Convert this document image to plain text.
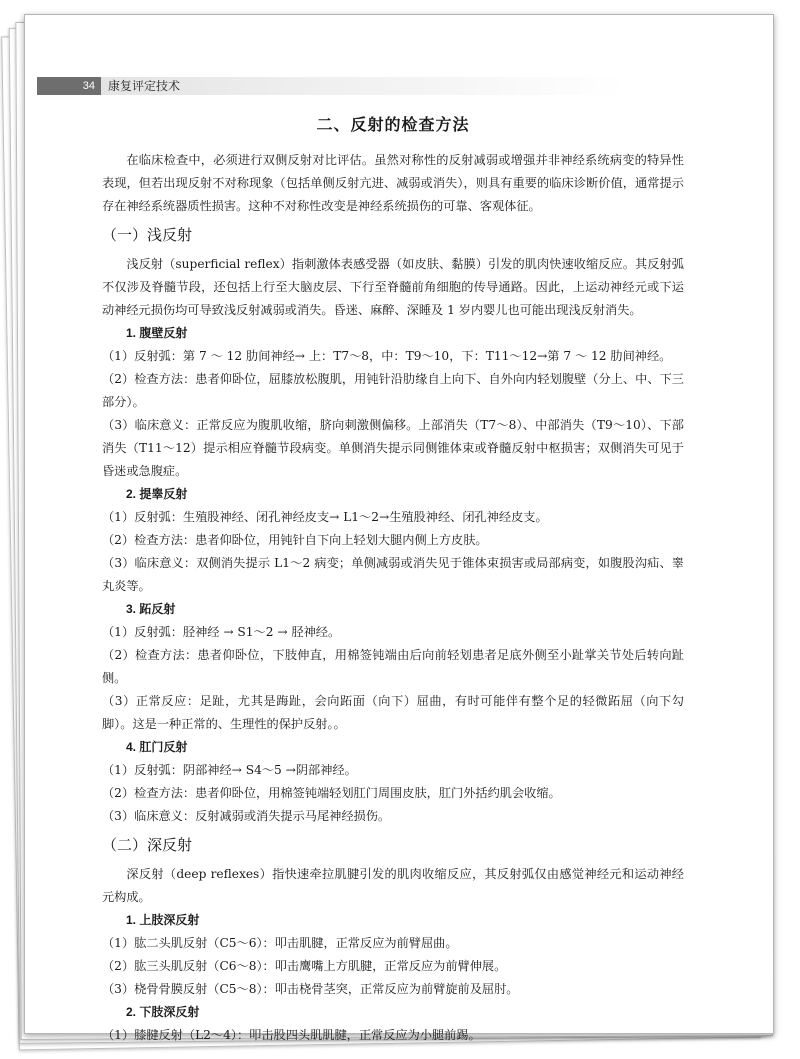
34	康复评定技术
二、反射的检查方法

在临床检查中，必须进行双侧反射对比评估。虽然对称性的反射减弱或增强并非神经系统病变的特异性表现，但若出现反射不对称现象（包括单侧反射亢进、减弱或消失），则具有重要的临床诊断价值，通常提示存在神经系统器质性损害。这种不对称性改变是神经系统损伤的可靠、客观体征。

（一）浅反射

浅反射（superficial reflex）指刺激体表感受器（如皮肤、黏膜）引发的肌肉快速收缩反应。其反射弧不仅涉及脊髓节段，还包括上行至大脑皮层、下行至脊髓前角细胞的传导通路。因此，上运动神经元或下运动神经元损伤均可导致浅反射减弱或消失。昏迷、麻醉、深睡及 1 岁内婴儿也可能出现浅反射消失。

1. 腹壁反射

（1）反射弧：第 7 ～ 12 肋间神经→ 上：T7～8，中：T9～10，下：T11～12→第 7 ～ 12 肋间神经。

（2）检查方法：患者仰卧位，屈膝放松腹肌，用钝针沿肋缘自上向下、自外向内轻划腹壁（分上、中、下三部分）。

（3）临床意义：正常反应为腹肌收缩，脐向刺激侧偏移。上部消失（T7～8）、中部消失（T9～10）、下部消失（T11～12）提示相应脊髓节段病变。单侧消失提示同侧锥体束或脊髓反射中枢损害；双侧消失可见于昏迷或急腹症。

2. 提睾反射

（1）反射弧：生殖股神经、闭孔神经皮支→ L1～2→生殖股神经、闭孔神经皮支。

（2）检查方法：患者仰卧位，用钝针自下向上轻划大腿内侧上方皮肤。

（3）临床意义：双侧消失提示 L1～2 病变；单侧减弱或消失见于锥体束损害或局部病变，如腹股沟疝、睾丸炎等。

3. 跖反射

（1）反射弧：胫神经 → S1～2 → 胫神经。

（2）检查方法：患者仰卧位，下肢伸直，用棉签钝端由后向前轻划患者足底外侧至小趾掌关节处后转向趾侧。

（3）正常反应：足趾，尤其是踇趾，会向跖面（向下）屈曲，有时可能伴有整个足的轻微跖屈（向下勾脚）。这是一种正常的、生理性的保护反射。。

4. 肛门反射

（1）反射弧：阴部神经→ S4～5 →阴部神经。

（2）检查方法：患者仰卧位，用棉签钝端轻划肛门周围皮肤，肛门外括约肌会收缩。

（3）临床意义：反射减弱或消失提示马尾神经损伤。

（二）深反射

深反射（deep reflexes）指快速牵拉肌腱引发的肌肉收缩反应，其反射弧仅由感觉神经元和运动神经元构成。

1. 上肢深反射

（1）肱二头肌反射（C5～6）：叩击肌腱，正常反应为前臂屈曲。

（2）肱三头肌反射（C6～8）：叩击鹰嘴上方肌腱，正常反应为前臂伸展。

（3）桡骨骨膜反射（C5～8）：叩击桡骨茎突，正常反应为前臂旋前及屈肘。

2. 下肢深反射

（1）膝腱反射（L2～4）：叩击股四头肌肌腱，正常反应为小腿前踢。
